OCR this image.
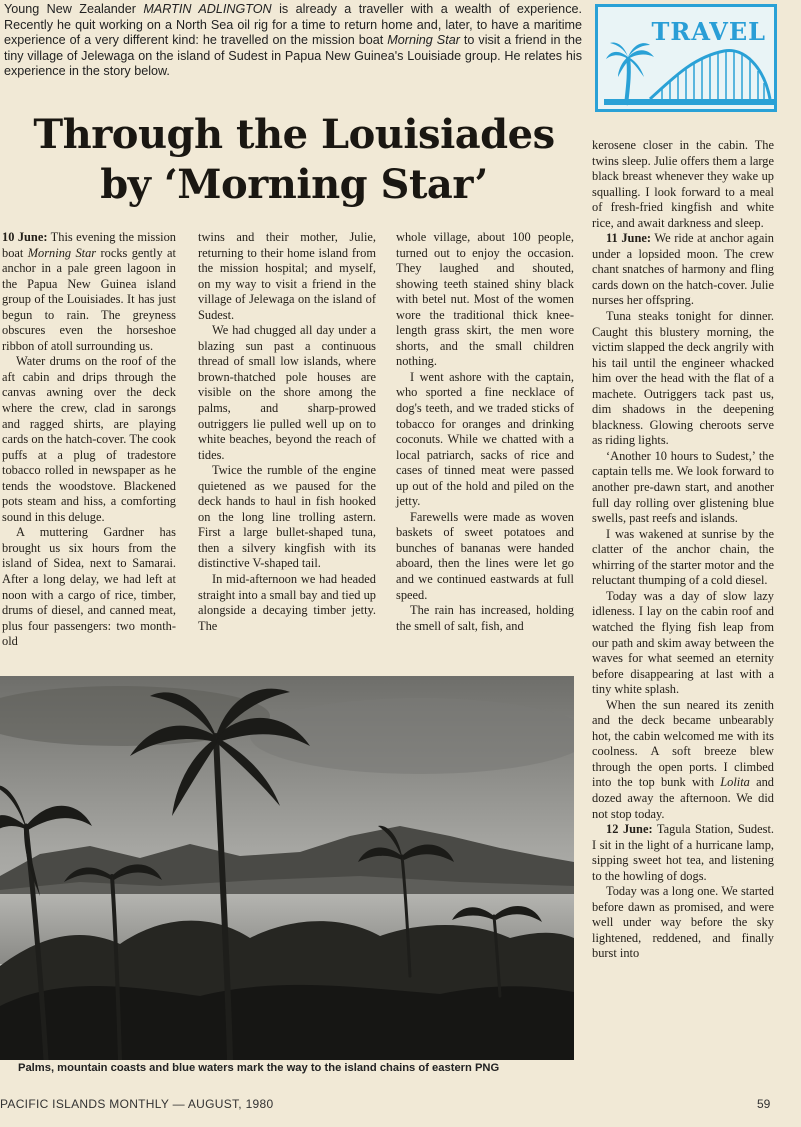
Young New Zealander MARTIN ADLINGTON is already a traveller with a wealth of experience. Recently he quit working on a North Sea oil rig for a time to return home and, later, to have a maritime experience of a very different kind: he travelled on the mission boat Morning Star to visit a friend in the tiny village of Jelewaga on the island of Sudest in Papua New Guinea's Louisiade group. He relates his experience in the story below.

TRAVEL
Through the Louisiades
by ‘Morning Star’

10 June: This evening the mission boat Morning Star rocks gently at anchor in a pale green lagoon in the Papua New Guinea island group of the Louisiades. It has just begun to rain. The greyness obscures even the horseshoe ribbon of atoll surrounding us.

Water drums on the roof of the aft cabin and drips through the canvas awning over the deck where the crew, clad in sarongs and ragged shirts, are playing cards on the hatch-cover. The cook puffs at a plug of tradestore tobacco rolled in newspaper as he tends the woodstove. Blackened pots steam and hiss, a comforting sound in this deluge.

A muttering Gardner has brought us six hours from the island of Sidea, next to Samarai. After a long delay, we had left at noon with a cargo of rice, timber, drums of diesel, and canned meat, plus four passengers: two month-old

twins and their mother, Julie, returning to their home island from the mission hospital; and myself, on my way to visit a friend in the village of Jelewaga on the island of Sudest.

We had chugged all day under a blazing sun past a continuous thread of small low islands, where brown-thatched pole houses are visible on the shore among the palms, and sharp-prowed outriggers lie pulled well up on to white beaches, beyond the reach of tides.

Twice the rumble of the engine quietened as we paused for the deck hands to haul in fish hooked on the long line trolling astern. First a large bullet-shaped tuna, then a silvery kingfish with its distinctive V-shaped tail.

In mid-afternoon we had headed straight into a small bay and tied up alongside a decaying timber jetty. The

whole village, about 100 people, turned out to enjoy the occasion. They laughed and shouted, showing teeth stained shiny black with betel nut. Most of the women wore the traditional thick knee-length grass skirt, the men wore shorts, and the small children nothing.

I went ashore with the captain, who sported a fine necklace of dog's teeth, and we traded sticks of tobacco for oranges and drinking coconuts. While we chatted with a local patriarch, sacks of rice and cases of tinned meat were passed up out of the hold and piled on the jetty.

Farewells were made as woven baskets of sweet potatoes and bunches of bananas were handed aboard, then the lines were let go and we continued eastwards at full speed.

The rain has increased, holding the smell of salt, fish, and

kerosene closer in the cabin. The twins sleep. Julie offers them a large black breast whenever they wake up squalling. I look forward to a meal of fresh-fried kingfish and white rice, and await darkness and sleep.

11 June: We ride at anchor again under a lopsided moon. The crew chant snatches of harmony and fling cards down on the hatch-cover. Julie nurses her offspring.

Tuna steaks tonight for dinner. Caught this blustery morning, the victim slapped the deck angrily with his tail until the engineer whacked him over the head with the flat of a machete. Outriggers tack past us, dim shadows in the deepening blackness. Glowing cheroots serve as riding lights.

‘Another 10 hours to Sudest,’ the captain tells me. We look forward to another pre-dawn start, and another full day rolling over glistening blue swells, past reefs and islands.

I was wakened at sunrise by the clatter of the anchor chain, the whirring of the starter motor and the reluctant thumping of a cold diesel.

Today was a day of slow lazy idleness. I lay on the cabin roof and watched the flying fish leap from our path and skim away between the waves for what seemed an eternity before disappearing at last with a tiny white splash.

When the sun neared its zenith and the deck became unbearably hot, the cabin welcomed me with its coolness. A soft breeze blew through the open ports. I climbed into the top bunk with Lolita and dozed away the afternoon. We did not stop today.

12 June: Tagula Station, Sudest. I sit in the light of a hurricane lamp, sipping sweet hot tea, and listening to the howling of dogs.

Today was a long one. We started before dawn as promised, and were well under way before the sky lightened, reddened, and finally burst into

Palms, mountain coasts and blue waters mark the way to the island chains of eastern PNG
PACIFIC ISLANDS MONTHLY — AUGUST, 1980	59
